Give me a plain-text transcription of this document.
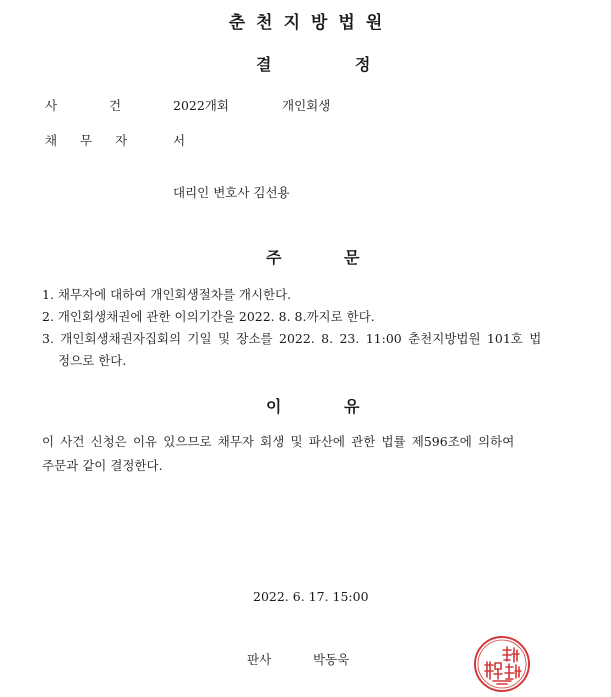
춘천지방법원
결	정
사 건	2022개회	개인회생
채 무 자	서
대리인 변호사 김선용
주	문
1. 채무자에 대하여 개인회생절차를 개시한다.
2. 개인회생채권에 관한 이의기간을 2022. 8. 8.까지로 한다.
3. 개인회생채권자집회의 기일 및 장소를 2022. 8. 23. 11:00 춘천지방법원 101호 법
정으로 한다.
이	유
이 사건 신청은 이유 있으므로 채무자 회생 및 파산에 관한 법률 제596조에 의하여
주문과 같이 결정한다.
2022. 6. 17. 15:00
판사	박동욱
